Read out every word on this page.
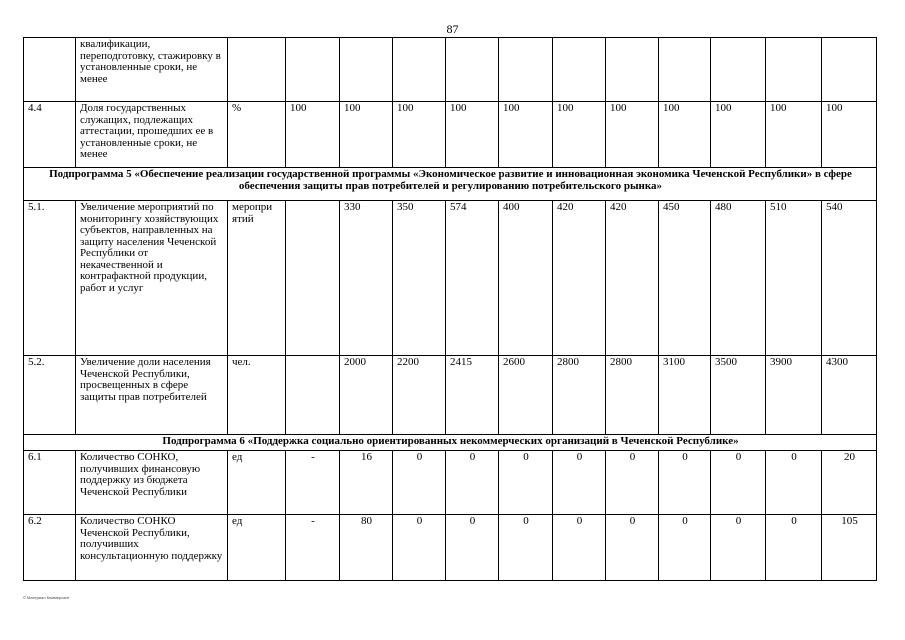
87
	квалификации, переподготовку, стажировку в установленные сроки, не менее													
4.4	Доля государственных служащих, подлежащих аттестации, прошедших ее в установленные сроки, не менее	%	100	100	100	100	100	100	100	100	100	100	100	
Подпрограмма 5 «Обеспечение реализации государственной программы «Экономическое развитие и инновационная экономика Чеченской Республики» в сфере обеспечения защиты прав потребителей и регулированию потребительского рынка»														
5.1.	Увеличение мероприятий по мониторингу хозяйствующих субъектов, направленных на защиту населения Чеченской Республики от некачественной и контрафактной продукции, работ и услуг	меропри ятий		330	350	574	400	420	420	450	480	510	540	
5.2.	Увеличение доли населения Чеченской Республики, просвещенных в сфере защиты прав потребителей	чел.		2000	2200	2415	2600	2800	2800	3100	3500	3900	4300	
Подпрограмма 6 «Поддержка социально ориентированных некоммерческих организаций в Чеченской Республике»														
6.1	Количество СОНКО, получивших финансовую поддержку из бюджета Чеченской Республики	ед	-	16	0	0	0	0	0	0	0	0	20	
6.2	Количество СОНКО Чеченской Республики, получивших консультационную поддержку	ед	-	80	0	0	0	0	0	0	0	0	105	
© Материал Коммерсант
